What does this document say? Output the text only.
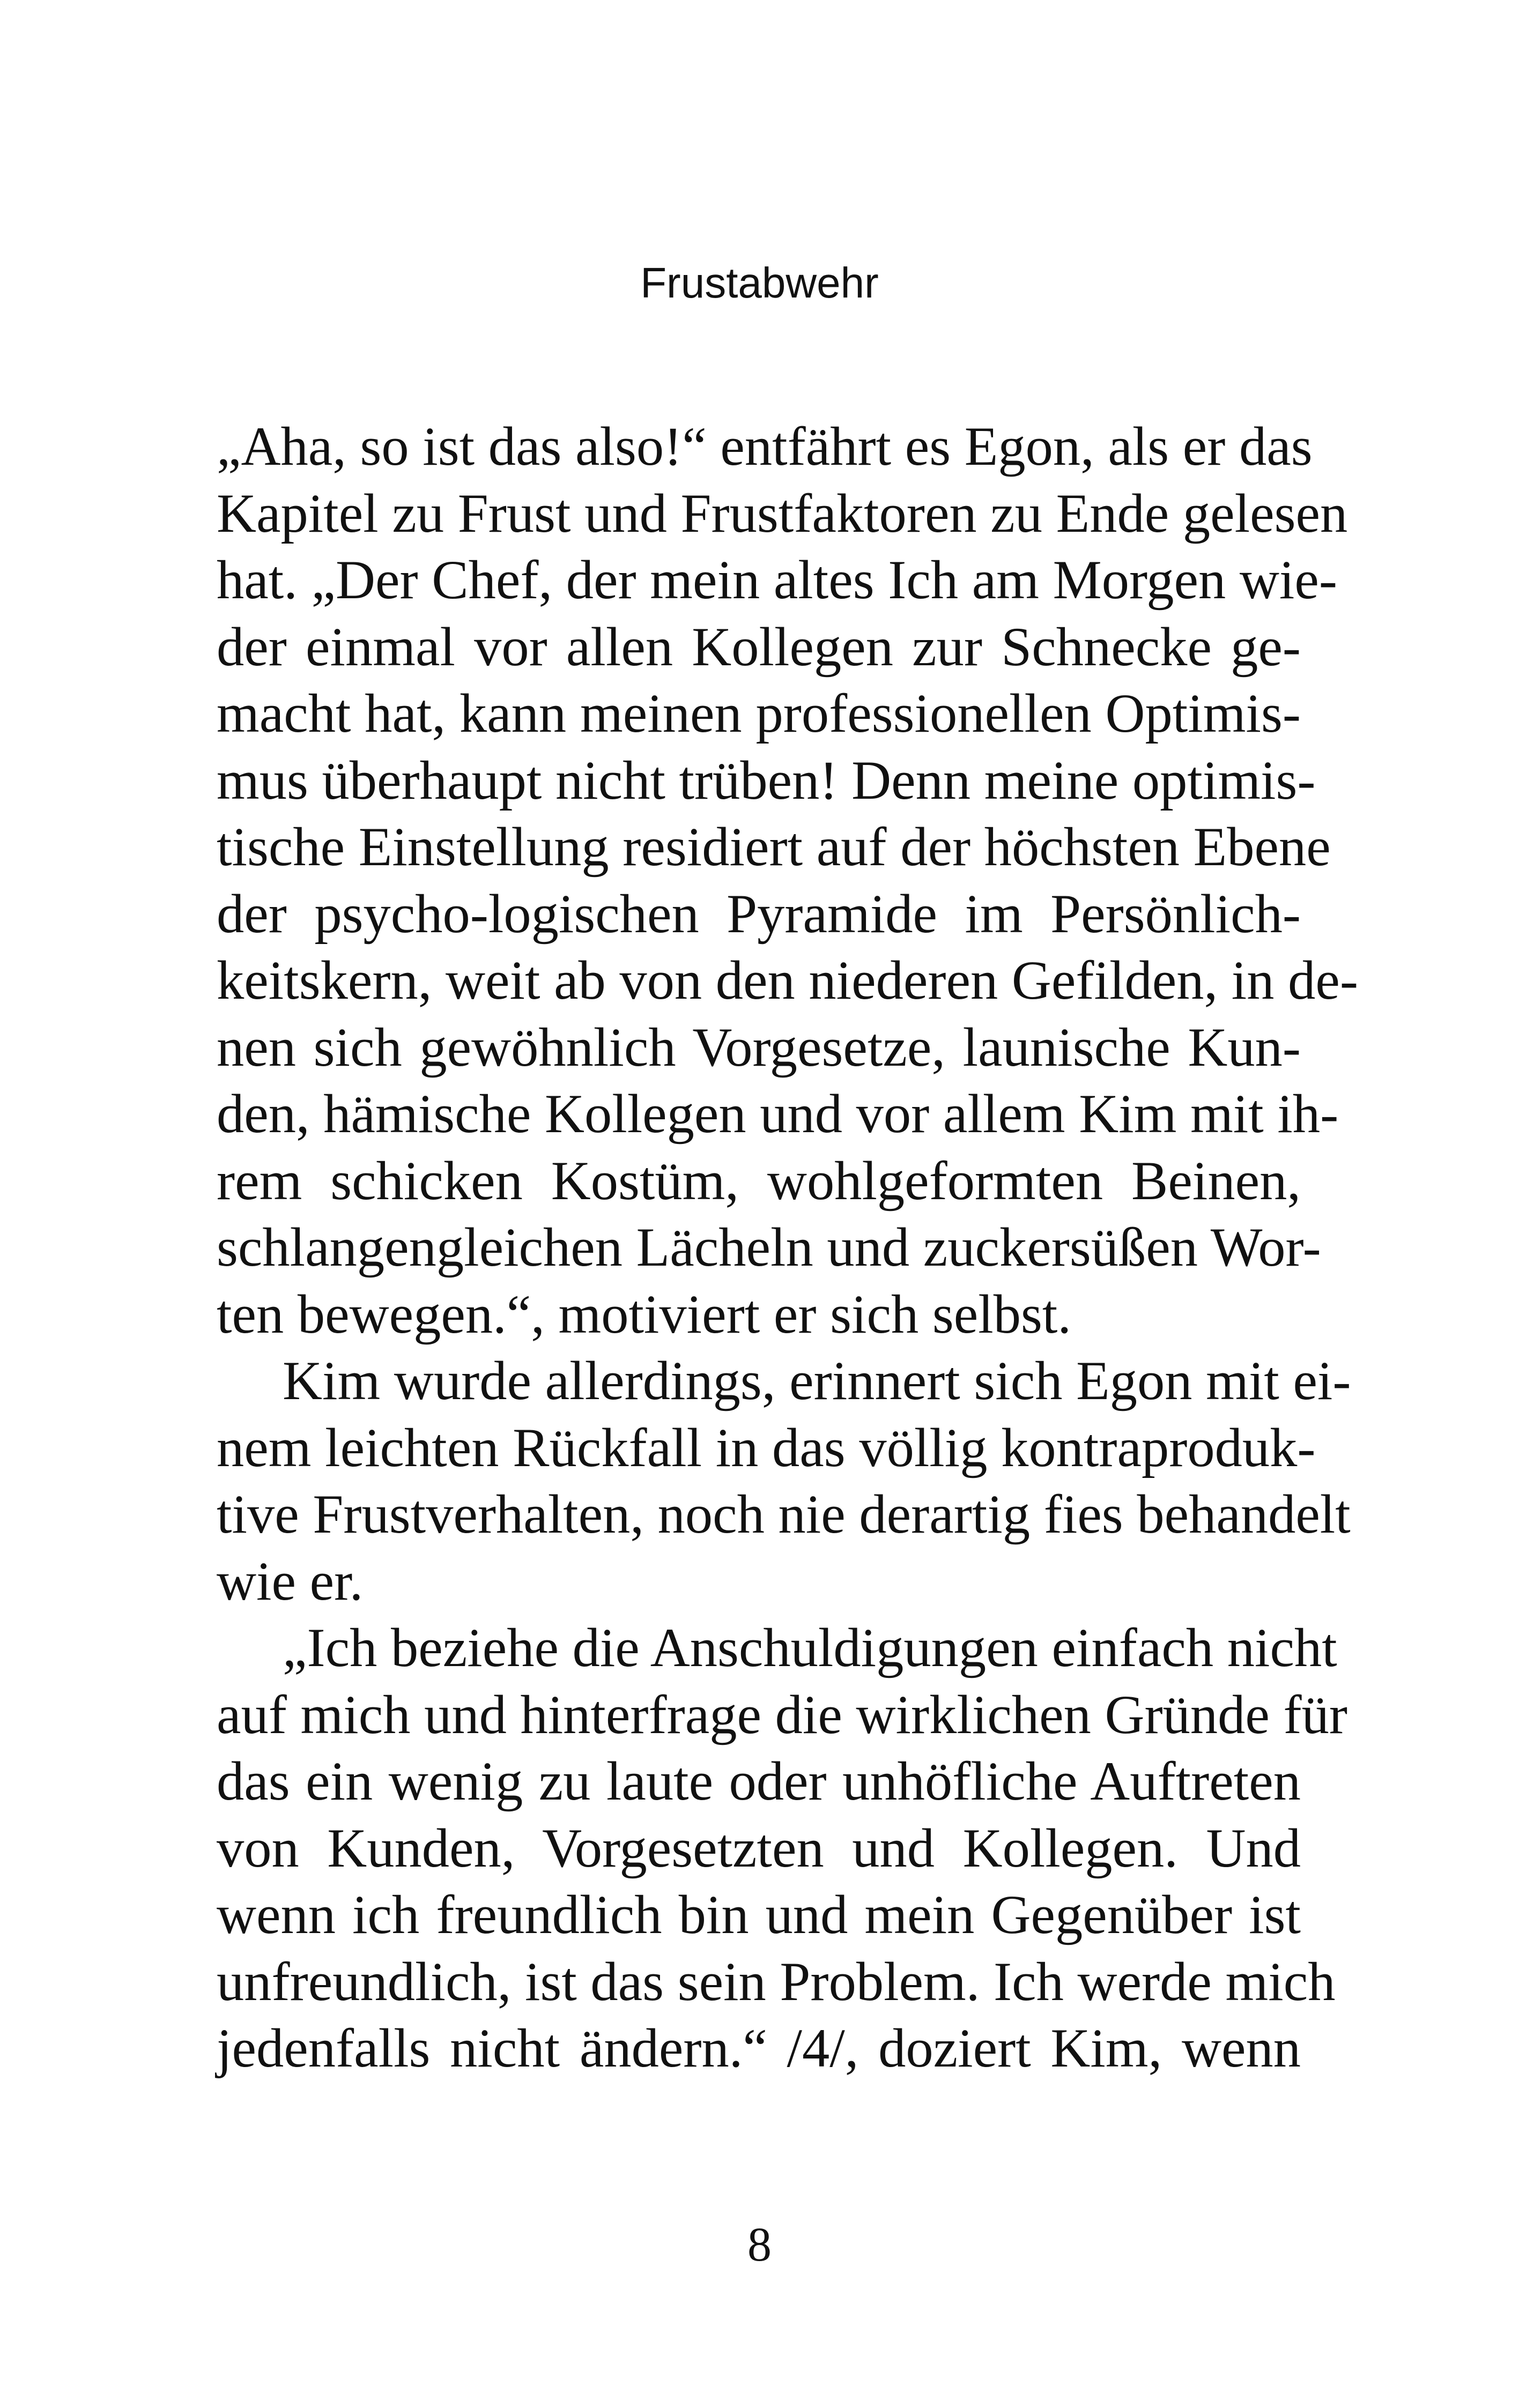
Frustabwehr
„Aha, so ist das also!“ entfährt es Egon, als er das
Kapitel zu Frust und Frustfaktoren zu Ende gelesen
hat. „Der Chef, der mein altes Ich am Morgen wie-
der einmal vor allen Kollegen zur Schnecke ge-
macht hat, kann meinen professionellen Optimis-
mus überhaupt nicht trüben! Denn meine optimis-
tische Einstellung residiert auf der höchsten Ebene
der psycho-logischen Pyramide im Persönlich-
keitskern, weit ab von den niederen Gefilden, in de-
nen sich gewöhnlich Vorgesetze, launische Kun-
den, hämische Kollegen und vor allem Kim mit ih-
rem schicken Kostüm, wohlgeformten Beinen,
schlangengleichen Lächeln und zuckersüßen Wor-
ten bewegen.“, motiviert er sich selbst.
Kim wurde allerdings, erinnert sich Egon mit ei-
nem leichten Rückfall in das völlig kontraproduk-
tive Frustverhalten, noch nie derartig fies behandelt
wie er.
„Ich beziehe die Anschuldigungen einfach nicht
auf mich und hinterfrage die wirklichen Gründe für
das ein wenig zu laute oder unhöfliche Auftreten
von Kunden, Vorgesetzten und Kollegen. Und
wenn ich freundlich bin und mein Gegenüber ist
unfreundlich, ist das sein Problem. Ich werde mich
jedenfalls nicht ändern.“ /4/, doziert Kim, wenn
8
